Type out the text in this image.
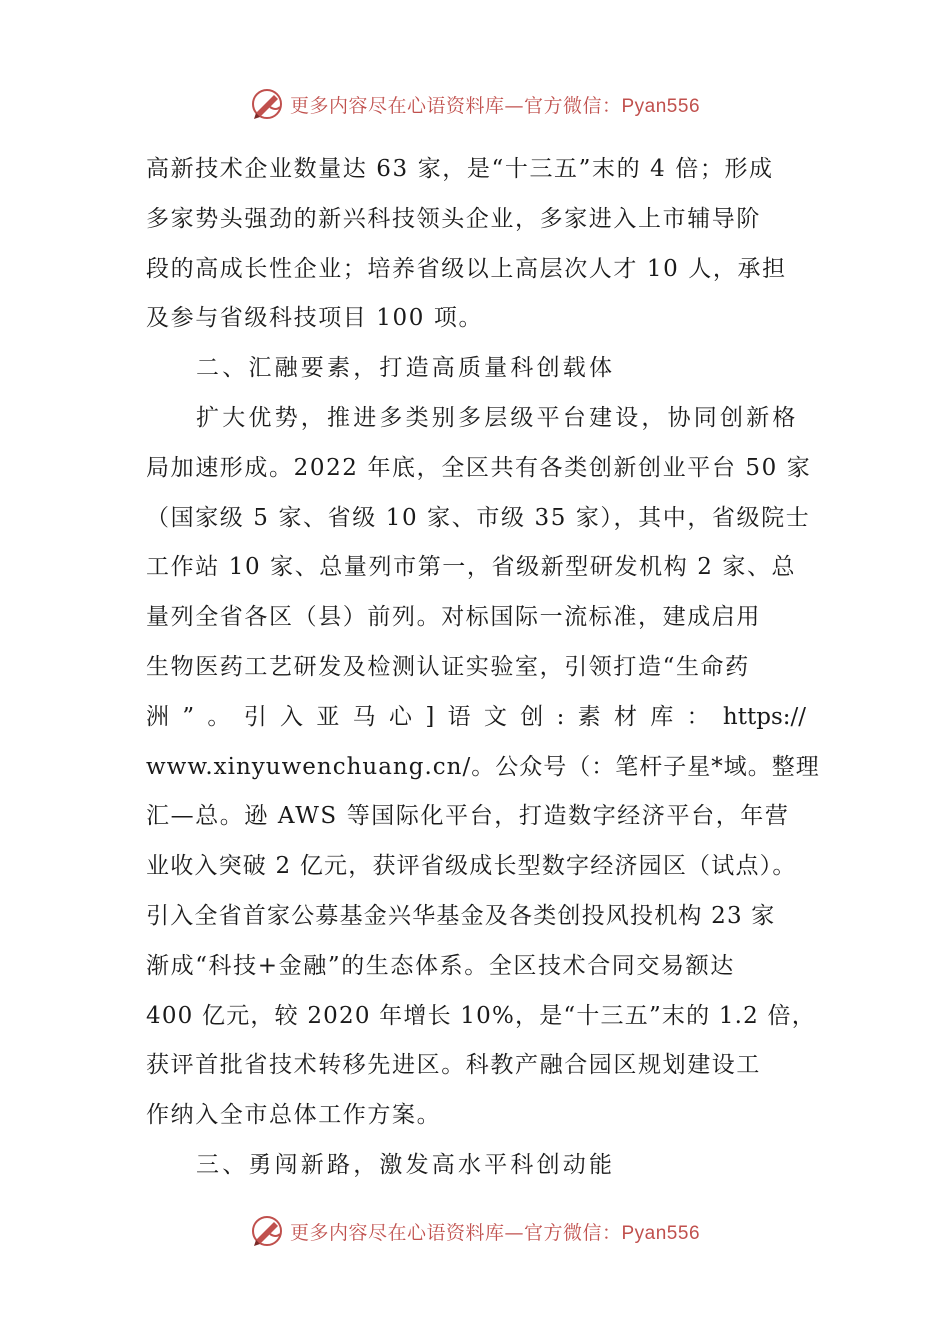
更多内容尽在心语资料库—官方微信：Pyan556
高新技术企业数量达 63 家，是“十三五”末的 4 倍；形成
多家势头强劲的新兴科技领头企业，多家进入上市辅导阶
段的高成长性企业；培养省级以上高层次人才 10 人，承担
及参与省级科技项目 100 项。
二、汇融要素，打造高质量科创载体
扩大优势，推进多类别多层级平台建设，协同创新格
局加速形成。2022 年底，全区共有各类创新创业平台 50 家
（国家级 5 家、省级 10 家、市级 35 家），其中，省级院士
工作站 10 家、总量列市第一，省级新型研发机构 2 家、总
量列全省各区（县）前列。对标国际一流标准，建成启用
生物医药工艺研发及检测认证实验室，引领打造“生命药
洲”。引入亚马心]语文创:素材库：https://
www.xinyuwenchuang.cn/。公众号（：笔杆子星*域。整理
汇—总。逊 AWS 等国际化平台，打造数字经济平台，年营
业收入突破 2 亿元，获评省级成长型数字经济园区（试点）。
引入全省首家公募基金兴华基金及各类创投风投机构 23 家
渐成“科技+金融”的生态体系。全区技术合同交易额达
400 亿元，较 2020 年增长 10%，是“十三五”末的 1.2 倍，
获评首批省技术转移先进区。科教产融合园区规划建设工
作纳入全市总体工作方案。
三、勇闯新路，激发高水平科创动能
更多内容尽在心语资料库—官方微信：Pyan556
